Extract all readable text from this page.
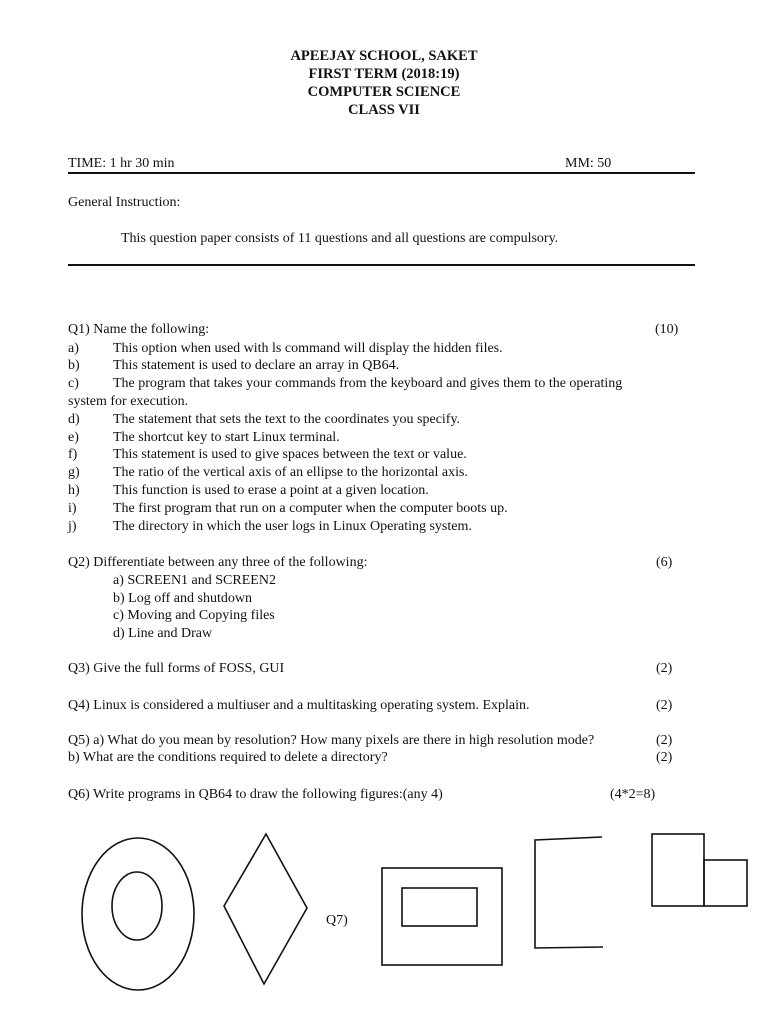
APEEJAY SCHOOL, SAKET
FIRST TERM (2018:19)
COMPUTER SCIENCE
CLASS VII
TIME: 1 hr 30 min	MM: 50
General Instruction:
This question paper consists of 11 questions and all questions are compulsory.
Q1) Name the following:	(10)
a) This option when used with ls command will display the hidden files.
b) This statement is used to declare an array in QB64.
c) The program that takes your commands from the keyboard and gives them to the operating
system for execution.
d) The statement that sets the text to the coordinates you specify.
e) The shortcut key to start Linux terminal.
f)	This statement is used to give spaces between the text or value.
g) The ratio of the vertical axis of an ellipse to the horizontal axis.
h) This function is used to erase a point at a given location.
i)	The first program that run on a computer when the computer boots up.
j)	The directory in which the user logs in Linux Operating system.
Q2) Differentiate between any three of the following:	(6)
a) SCREEN1 and SCREEN2
b) Log off and shutdown
c) Moving and Copying files
d) Line and Draw
Q3) Give the full forms of FOSS, GUI	(2)
Q4) Linux is considered a multiuser and a multitasking operating system. Explain.	(2)
Q5) a) What do you mean by resolution? How many pixels are there in high resolution mode?	(2)
b) What are the conditions required to delete a directory?	(2)
Q6) Write programs in QB64 to draw the following figures:(any 4)	(4*2=8)
Q7)
